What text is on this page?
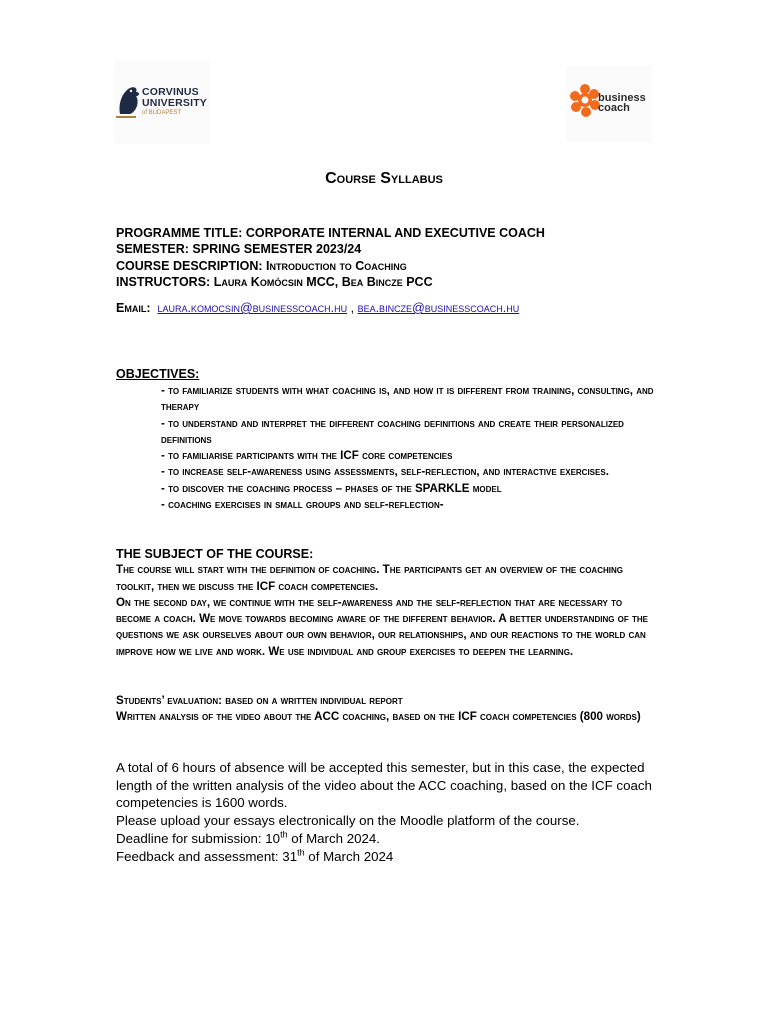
CORVINUS
UNIVERSITY
of BUDAPEST
business
coach
Course Syllabus
PROGRAMME TITLE: CORPORATE INTERNAL AND EXECUTIVE COACH
SEMESTER: SPRING SEMESTER 2023/24
COURSE DESCRIPTION: Introduction to Coaching
INSTRUCTORS: Laura Komócsin MCC, Bea Bincze PCC
Email: laura.komocsin@businesscoach.hu , bea.bincze@businesscoach.hu
OBJECTIVES:
- to familiarize students with what coaching is, and how it is different from training, consulting, and therapy
- to understand and interpret the different coaching definitions and create their personalized definitions
- to familiarise participants with the ICF core competencies
- to increase self-awareness using assessments, self-reflection, and interactive exercises.
- to discover the coaching process – phases of the SPARKLE model
- coaching exercises in small groups and self-reflection-
THE SUBJECT OF THE COURSE:
The course will start with the definition of coaching. The participants get an overview of the coaching toolkit, then we discuss the ICF coach competencies.
On the second day, we continue with the self-awareness and the self-reflection that are necessary to become a coach. We move towards becoming aware of the different behavior. A better understanding of the questions we ask ourselves about our own behavior, our relationships, and our reactions to the world can improve how we live and work. We use individual and group exercises to deepen the learning.
Students’ evaluation: based on a written individual report
Written analysis of the video about the ACC coaching, based on the ICF coach competencies (800 words)
A total of 6 hours of absence will be accepted this semester, but in this case, the expected length of the written analysis of the video about the ACC coaching, based on the ICF coach competencies is 1600 words.
Please upload your essays electronically on the Moodle platform of the course.
Deadline for submission: 10th of March 2024.
Feedback and assessment: 31th of March 2024
